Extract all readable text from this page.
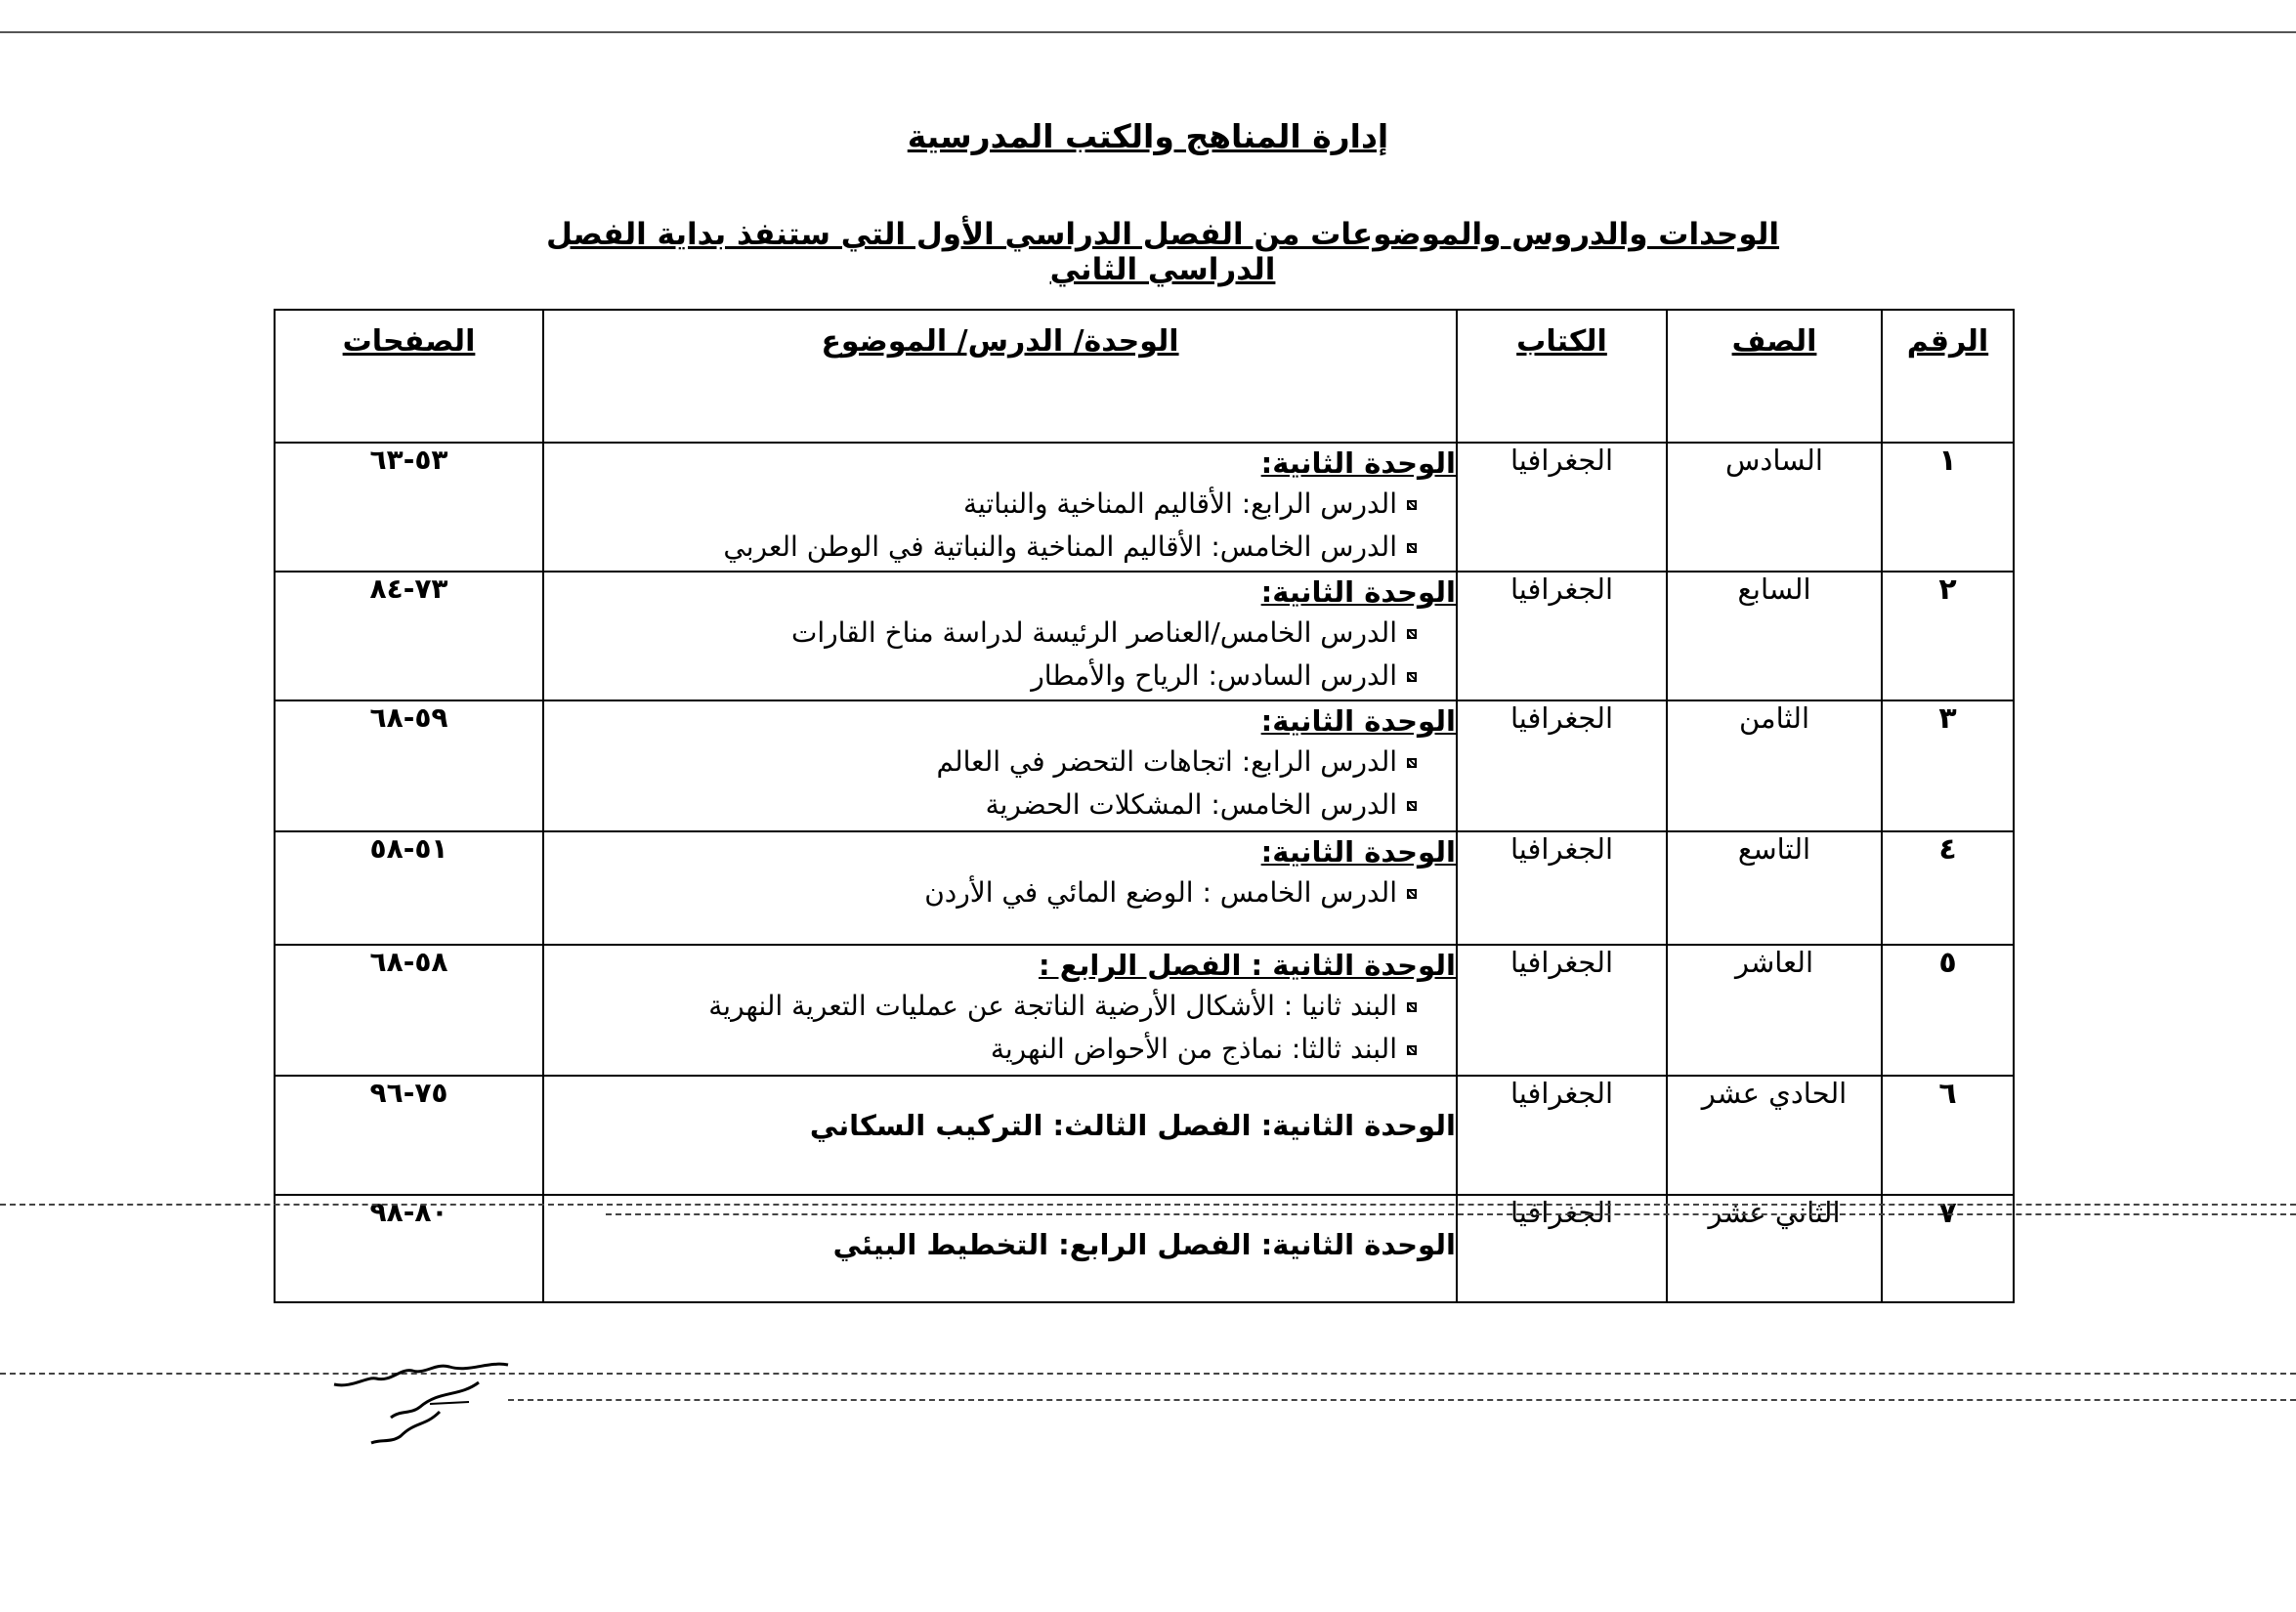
إدارة المناهج والكتب المدرسية
الوحدات والدروس والموضوعات من الفصل الدراسي الأول التي ستنفذ بداية الفصل الدراسي الثاني
الرقم	الصف	الكتاب	الوحدة/ الدرس/ الموضوع	الصفحات
١	السادس	الجغرافيا	الوحدة الثانية:
الدرس الرابع: الأقاليم المناخية والنباتية
الدرس الخامس: الأقاليم المناخية والنباتية في الوطن العربي	٥٣-٦٣
٢	السابع	الجغرافيا	الوحدة الثانية:
الدرس الخامس/العناصر الرئيسة لدراسة مناخ القارات
الدرس السادس: الرياح والأمطار	٧٣-٨٤
٣	الثامن	الجغرافيا	الوحدة الثانية:
الدرس الرابع: اتجاهات التحضر في العالم
الدرس الخامس: المشكلات الحضرية	٥٩-٦٨
٤	التاسع	الجغرافيا	الوحدة الثانية:
الدرس الخامس : الوضع المائي في الأردن	٥١-٥٨
٥	العاشر	الجغرافيا	الوحدة الثانية : الفصل الرابع :
البند ثانيا : الأشكال الأرضية الناتجة عن عمليات التعرية النهرية
البند ثالثا: نماذج من الأحواض النهرية	٥٨-٦٨
٦	الحادي عشر	الجغرافيا	الوحدة الثانية: الفصل الثالث: التركيب السكاني	٧٥-٩٦
٧	الثاني عشر	الجغرافيا	الوحدة الثانية: الفصل الرابع: التخطيط البيئي	٨٠-٩٨
